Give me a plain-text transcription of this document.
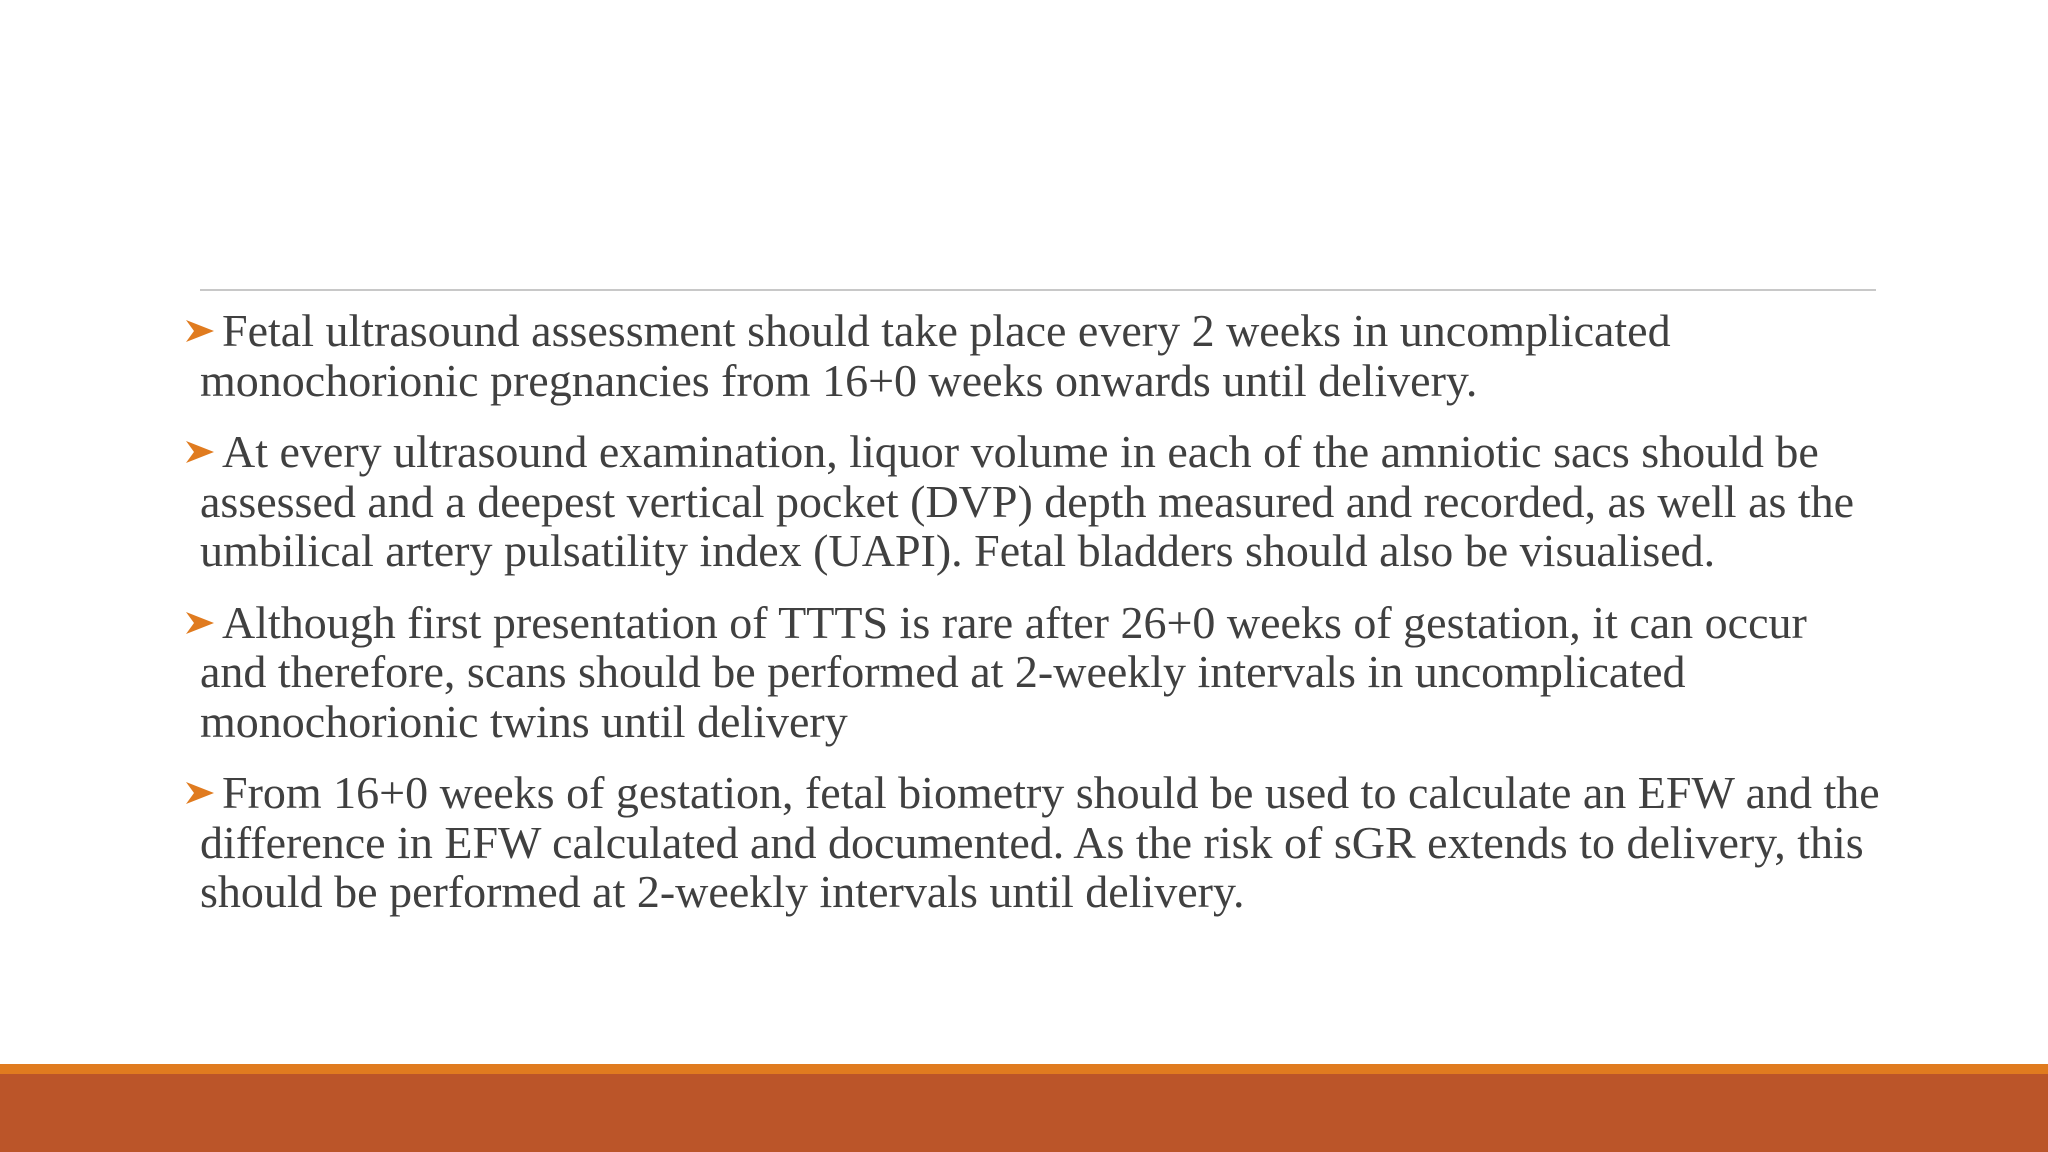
Fetal ultrasound assessment should take place every 2 weeks in uncomplicated monochorionic pregnancies from 16+0 weeks onwards until delivery.
At every ultrasound examination, liquor volume in each of the amniotic sacs should be assessed and a deepest vertical pocket (DVP) depth measured and recorded, as well as the umbilical artery pulsatility index (UAPI). Fetal bladders should also be visualised.
Although first presentation of TTTS is rare after 26+0 weeks of gestation, it can occur and therefore, scans should be performed at 2-weekly intervals in uncomplicated monochorionic twins until delivery
From 16+0 weeks of gestation, fetal biometry should be used to calculate an EFW and the difference in EFW calculated and documented. As the risk of sGR extends to delivery, this should be performed at 2-weekly intervals until delivery.
